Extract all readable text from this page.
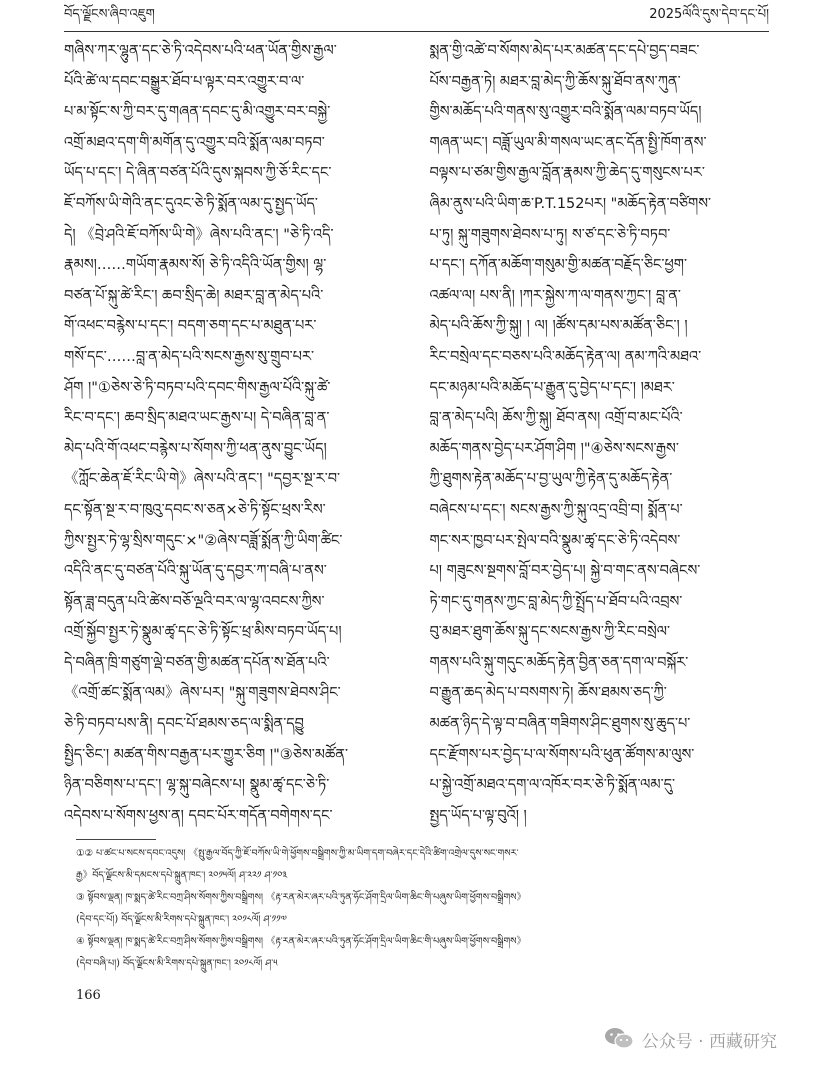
བོད་ལྗོངས་ཞིབ་འཇུག	2025ལོའི་དུས་དེབ་དང་པོ།
གཞིས་ཀར་ལྷུན་དང་ཅེ་ཏི་འདེབས་པའི་ཕན་ཡོན་གྱིས་རྒྱལ་
པོའི་ཚེ་ལ་དབང་བསྒྱུར་ཐོབ་པ་ལྟར་བར་འགྱུར་བ་ལ་
པ་མ་སྟོང་ས་ཀྱི་བར་དུ་གཞན་དབང་དུ་མི་འགྱུར་བར་བསྐྱེ་
འགྲོ་མཐའ་དག་གི་མགོན་དུ་འགྱུར་བའི་སྨོན་ལམ་བཏབ་
ཡོད་པ་དང་། དེ་ཞིན་བཙན་པོའི་དུས་སྐབས་ཀྱི་ཅོ་རིང་དང་
ཇོ་བཀོས་ཡི་གེའི་ནང་དུའང་ཅེ་ཏི་སྨོན་ལམ་དུ་སྤྱད་ཡོད་
དེ། 《བྲེ་ཤའི་ཇོ་བཀོས་ཡི་གེ》ཞེས་པའི་ནང་། "ཅེ་ཏི་འདི་
རྣམས།……གཡོག་རྣམས་སོ། ཅེ་ཏི་འདིའི་ཡོན་གྱིས། ལྷ་
བཙན་པོ་སྐུ་ཚེ་རིང་། ཆབ་སྲིད་ཆེ། མཐར་བླ་ན་མེད་པའི་
གོ་འཕང་བརྙེས་པ་དང་། བདག་ཅག་དང་པ་མཐུན་པར་
གསོ་དང་……བླ་ན་མེད་པའི་སངས་རྒྱས་སུ་གྲུབ་པར་
ཤོག །"①ཅེས་ཅེ་ཏི་བཏབ་པའི་དབང་གིས་རྒྱལ་པོའི་སྐུ་ཚེ་
རིང་བ་དང་། ཆབ་སྲིད་མཐའ་ཡང་རྒྱས་པ། དེ་བཞིན་བླ་ན་
མེད་པའི་གོ་འཕང་བརྙེས་པ་སོགས་ཀྱི་ཕན་ནུས་བྱུང་ཡོད།
《ཀློང་ཆེན་ཇོ་རིང་ཡི་གེ》ཞེས་པའི་ནང་། "དབྱར་སྔ་ར་བ་
དང་སྟོན་སྔ་ར་བ་ཁུའུ་དབང་ས་ཅན×ཅེ་ཏི་སྟོང་ཕྲས་རིས་
ཀྱིས་སྤྱར་ཏེ་ལྷ་སྲིས་གདུང་×"②ཞེས་བཟློ་སྨོན་ཀྱི་ཡིག་ཚིང་
འདིའི་ནང་དུ་བཙན་པོའི་སྐུ་ཡོན་དུ་དབྱར་ཀ་བཞི་པ་ནས་
སྟོན་ཟླ་བདུན་པའི་ཚེས་བཅོ་ལྔའི་བར་ལ་ལྷ་འབངས་ཀྱིས་
འགྲོ་སྐྱོབ་སྤྱར་ཏེ་སྣུམ་ཚྭ་དང་ཅེ་ཏི་སྟོང་ཕྲ་མིས་བཏབ་ཡོད་པ།
དེ་བཞིན་ཁྲི་གཙུག་ལྡེ་བཙན་གྱི་མཚན་དཔོན་ས་ཐོན་པའི་
《འགྲོ་ཚང་སྨོན་ལམ》ཞེས་པར། "སྐུ་གཟུགས་ཐེབས་ཤིང་
ཅེ་ཏི་བཏབ་པས་ནི། དབང་པོ་ཐམས་ཅད་ལ་སྨིན་དབྱུ
སྤྱིད་ཅིང་། མཚན་གིས་བརྒྱན་པར་གྱུར་ཅིག །"③ཅེས་མཚོན་
ཉིན་བཅིགས་པ་དང་། ལྷ་སྐུ་བཞེངས་པ། སྣུམ་ཚྭ་དང་ཅེ་ཏི་
འདེབས་པ་སོགས་ཕྱས་ན། དབང་པོར་གདོན་བགེགས་དང་
སྨན་གྱི་འཚེ་བ་སོགས་མེད་པར་མཚན་དང་དཔེ་བྱད་བཟང་
པོས་བརྒྱན་ཏེ། མཐར་བླ་མེད་ཀྱི་ཆོས་སྐུ་ཐོབ་ནས་ཀུན་
གྱིས་མཆོད་པའི་གནས་སུ་འགྱུར་བའི་སྨོན་ལམ་བཏབ་ཡོད།
གཞན་ཡང་། བཟློ་ཡུལ་མི་གསལ་ཡང་ནང་དོན་སྤྱི་ཁོག་ནས་
བལྟས་པ་ཙམ་གྱིས་རྒྱལ་བློན་རྣམས་ཀྱི་ཆེད་དུ་གསུངས་པར་
ཞིམ་ནུས་པའི་ཡིག་ཆ་P.T.152པར། "མཆོད་རྟེན་བཙིགས་
པ་ཏུ། སྐུ་གཟུགས་ཐེབས་པ་ཏུ། ས་ཙ་དང་ཅེ་ཏི་བཏབ་
པ་དང་། དཀོན་མཆོག་གསུམ་གྱི་མཚན་བརྗོད་ཅིང་ཕྱག་
འཚལ་ལ། པས་ནི། །ཀར་སྐྱེས་ཀ་ལ་གནས་ཀྱང་། བླ་ན་
མེད་པའི་ཆོས་ཀྱི་སྐུ། ། ལ། །ཚོས་དམ་པས་མཚོན་ཅིང་། །
རིང་བསྲེལ་དང་བཅས་པའི་མཆོད་རྟེན་ལ། ནམ་ཀའི་མཐའ་
དང་མཉམ་པའི་མཆོད་པ་རྒྱུན་དུ་བྱེད་པ་དང་། །མཐར་
བླ་ན་མེད་པའི། ཆོས་ཀྱི་སྐུ། ཐོབ་ནས། འགྲོ་བ་མང་པོའི་
མཆོད་གནས་བྱེད་པར་ཤོག་ཤིག །"④ཅེས་སངས་རྒྱས་
ཀྱི་ཐུགས་རྟེན་མཆོད་པ་བྱ་ཡུལ་ཀྱི་རྟེན་དུ་མཆོད་རྟེན་
བཞེངས་པ་དང་། སངས་རྒྱས་ཀྱི་སྐུ་འདྲ་འབྲི་བ། སྨོན་པ་
གང་སར་ཁྱབ་པར་སྤེལ་བའི་སྣུམ་ཚྭ་དང་ཅེ་ཏི་འདེབས་
པ། གཟུངས་སྔགས་བློ་བར་བྱེད་པ། སྐྱེ་བ་གང་ནས་བཞེངས་
ཏེ་གང་དུ་གནས་ཀྱང་བླ་མེད་ཀྱི་སྤྲོད་པ་ཐོབ་པའི་འབྲས་
བུ་མཐར་ཐུག་ཆོས་སྐུ་དང་སངས་རྒྱས་ཀྱི་རིང་བསྲེལ་
གནས་པའི་སྐུ་གདུང་མཆོད་རྟེན་བྱིན་ཅན་དག་ལ་བསྐོར་
བ་རྒྱུན་ཆད་མེད་པ་བསགས་ཏེ། ཆོས་ཐམས་ཅད་ཀྱི་
མཚན་ཉིད་དེ་ལྟ་བ་བཞིན་གཟིགས་ཤིང་ཐུགས་སུ་ཆུད་པ་
དང་རྫོགས་པར་བྱེད་པ་ལ་སོགས་པའི་ཕུན་ཚོགས་མ་ལུས་
པ་སྐྱེ་འགྲོ་མཐའ་དག་ལ་འཁོར་བར་ཅེ་ཏི་སྨོན་ལམ་དུ་
སྤྱད་ཡོད་པ་ལྟ་བུའོ། །
①② པ་ཚང་པ་སངས་དབང་འདུས། 《སྤུ་རྒྱལ་བོད་ཀྱི་ཇོ་བཀོས་ཡི་གེ་ཕྱོགས་བསྒྲིགས་ཀྱི་མ་ཡིག་དག་བཞེར་དང་དེའི་ཚིག་འགྲེལ་དུས་སང་གསར་
རྒྱ》བོད་ལྗོངས་མི་དམངས་དཔེ་སྐྲུན་ཁང་། ༢༠༡༥ལོ། ཤ་༢༢༡ ཤ་༡༠༣
③ སྟོབས་ལྡན། ཁ་སྨད་ཚེ་རིང་བཀྲ་ཤིས་སོགས་ཀྱིས་བསྒྲིགས། 《རྟ་རན་མེར་ཞར་པའི་ཏུན་ཧོང་ཤོག་དྲིལ་ཡིག་ཆིང་གི་པཞུས་ཡིག་ཕྱོགས་བསྒྲིགས》
(དེབ་དང་པོ།) བོད་ལྗོངས་མི་རིགས་དཔེ་སྐྲུན་ཁང་། ༢༠༡༨ལོ། ཤ་༡༡༧
④ སྟོབས་ལྡན། ཁ་སྨད་ཚེ་རིང་བཀྲ་ཤིས་སོགས་ཀྱིས་བསྒྲིགས། 《རྟ་རན་མེར་ཞར་པའི་ཏུན་ཧོང་ཤོག་དྲིལ་ཡིག་ཆིང་གི་པཞུས་ཡིག་ཕྱོགས་བསྒྲིགས》
(དེབ་བཞི་པ།) བོད་ལྗོངས་མི་རིགས་དཔེ་སྐྲུན་ཁང་། ༢༠༡༨ལོ། ཤ་༥
166
公众号 · 西藏研究
